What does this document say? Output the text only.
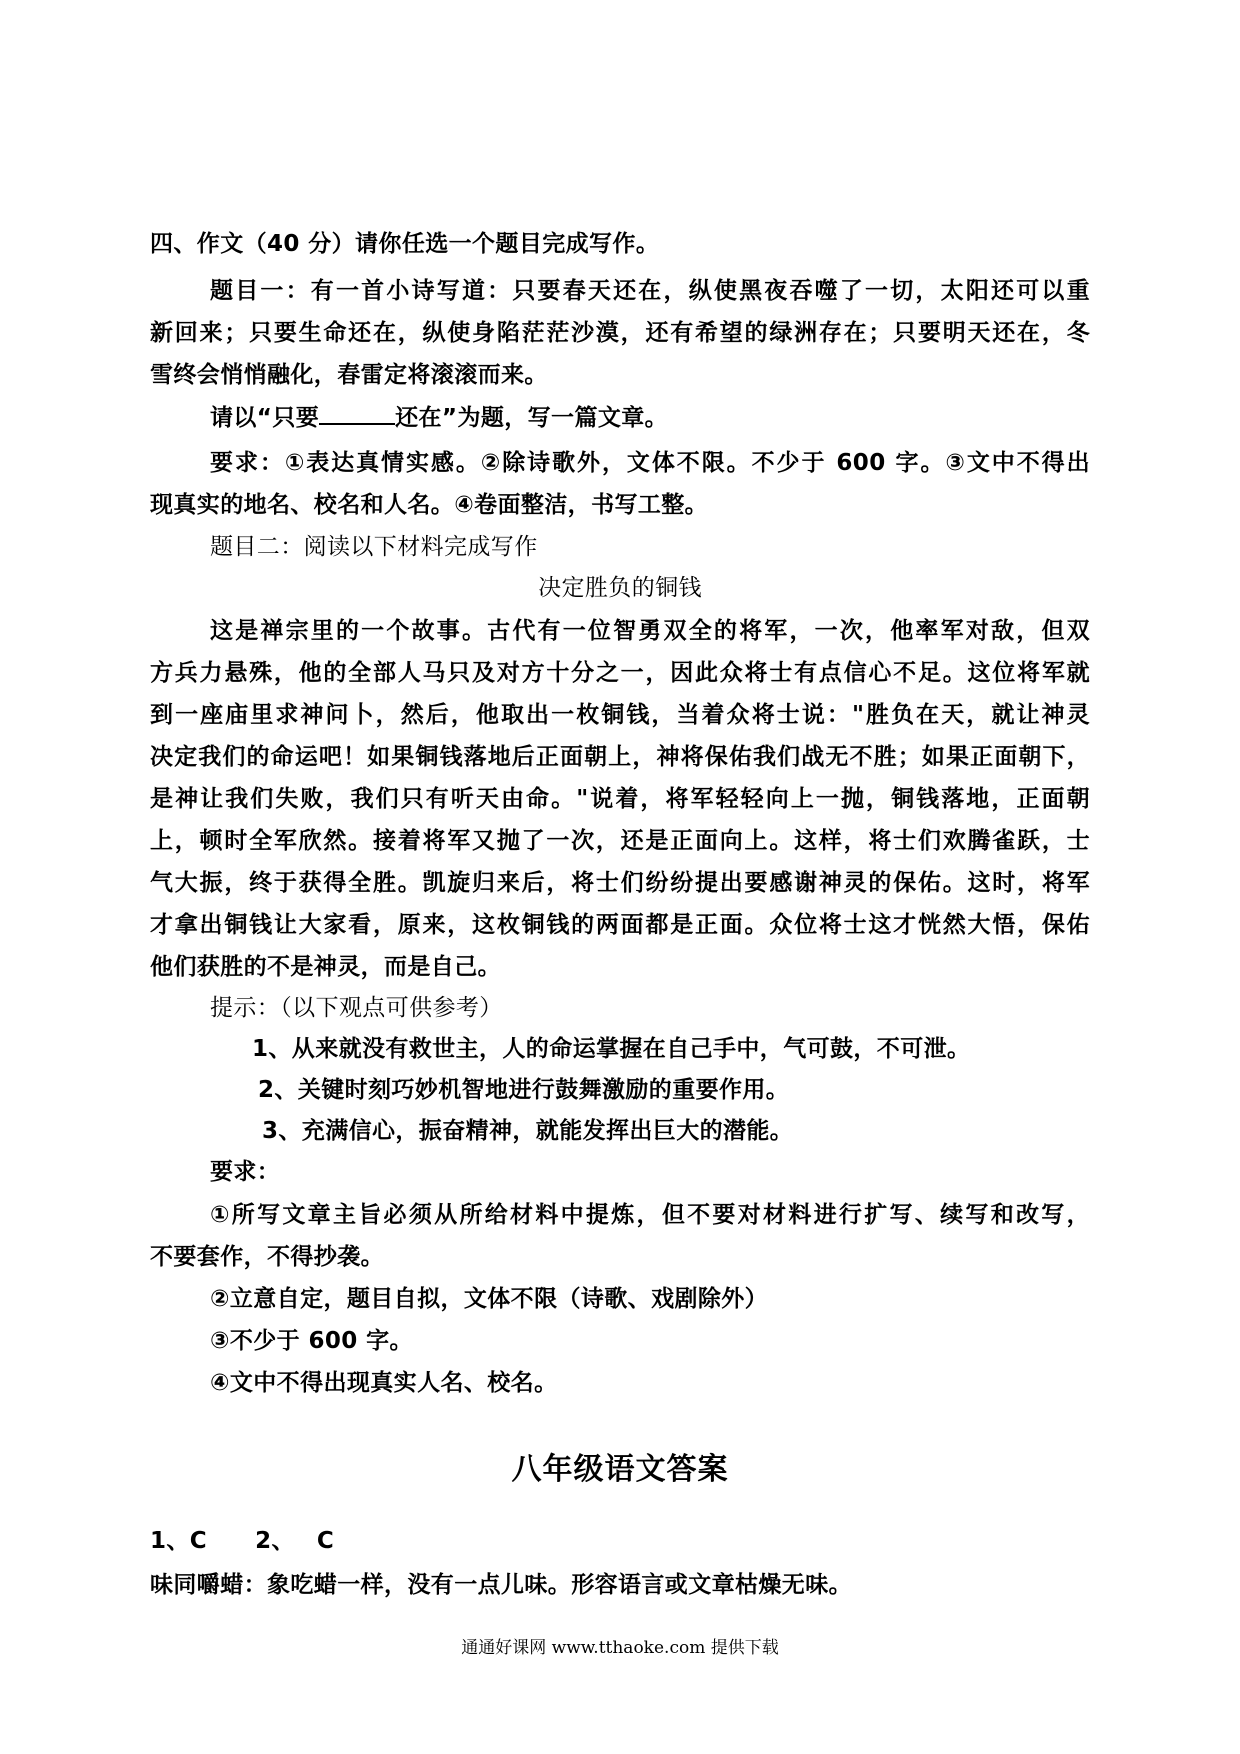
四、作文（40 分）请你任选一个题目完成写作。
题目一：有一首小诗写道：只要春天还在，纵使黑夜吞噬了一切，太阳还可以重
新回来；只要生命还在，纵使身陷茫茫沙漠，还有希望的绿洲存在；只要明天还在，冬
雪终会悄悄融化，春雷定将滚滚而来。
请以“只要	还在”为题，写一篇文章。
要求：①表达真情实感。②除诗歌外，文体不限。不少于 600 字。③文中不得出
现真实的地名、校名和人名。④卷面整洁，书写工整。
题目二：阅读以下材料完成写作
决定胜负的铜钱
这是禅宗里的一个故事。古代有一位智勇双全的将军，一次，他率军对敌，但双
方兵力悬殊，他的全部人马只及对方十分之一，因此众将士有点信心不足。这位将军就
到一座庙里求神问卜，然后，他取出一枚铜钱，当着众将士说："胜负在天，就让神灵
决定我们的命运吧！如果铜钱落地后正面朝上，神将保佑我们战无不胜；如果正面朝下，
是神让我们失败，我们只有听天由命。"说着，将军轻轻向上一抛，铜钱落地，正面朝
上，顿时全军欣然。接着将军又抛了一次，还是正面向上。这样，将士们欢腾雀跃，士
气大振，终于获得全胜。凯旋归来后，将士们纷纷提出要感谢神灵的保佑。这时，将军
才拿出铜钱让大家看，原来，这枚铜钱的两面都是正面。众位将士这才恍然大悟，保佑
他们获胜的不是神灵，而是自己。
提示：（以下观点可供参考）
1、从来就没有救世主，人的命运掌握在自己手中，气可鼓，不可泄。
2、关键时刻巧妙机智地进行鼓舞激励的重要作用。
3、充满信心，振奋精神，就能发挥出巨大的潜能。
要求：
①所写文章主旨必须从所给材料中提炼，但不要对材料进行扩写、续写和改写，
不要套作，不得抄袭。
②立意自定，题目自拟，文体不限（诗歌、戏剧除外）
③不少于 600 字。
④文中不得出现真实人名、校名。
八年级语文答案
1、C 2、 C
味同嚼蜡：象吃蜡一样，没有一点儿味。形容语言或文章枯燥无味。
通通好课网 www.tthaoke.com 提供下载
